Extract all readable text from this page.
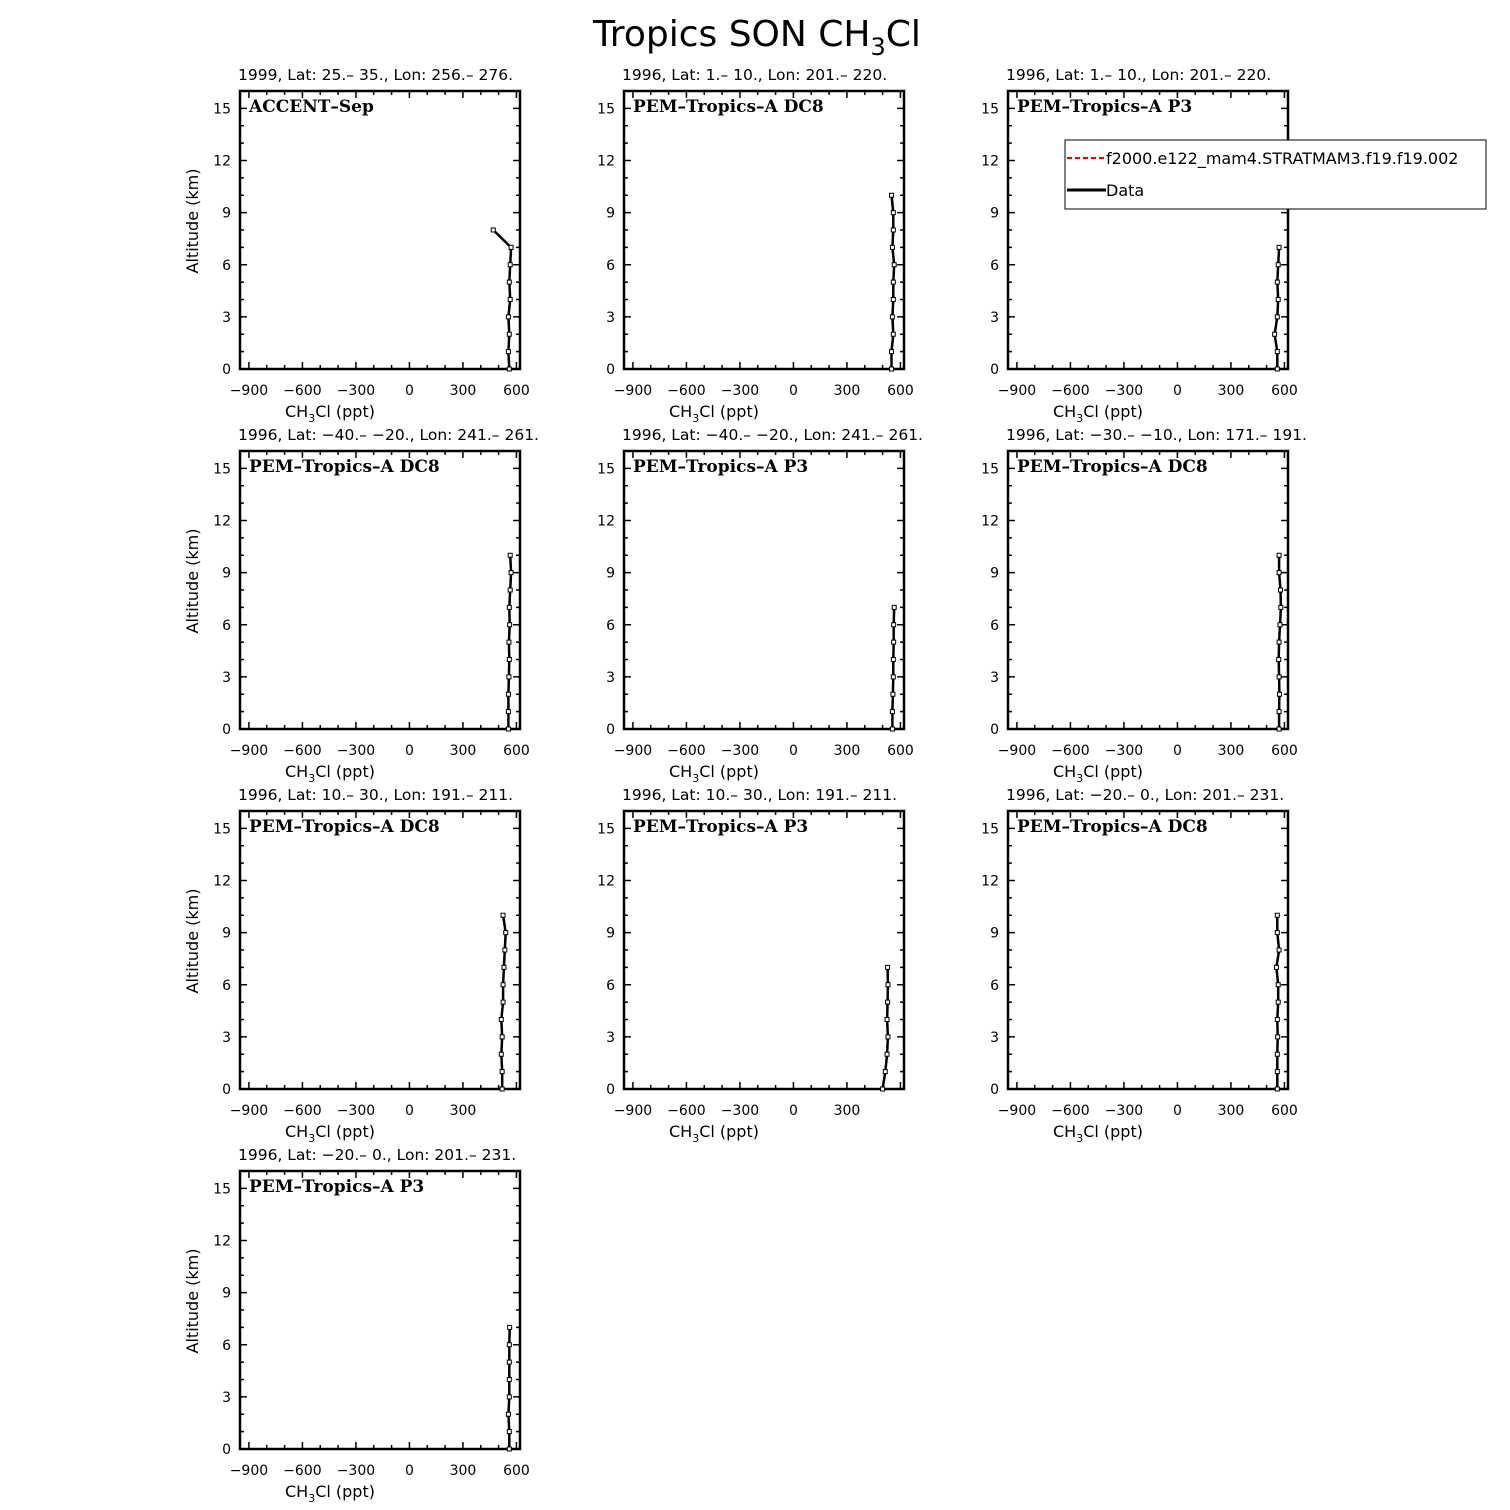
Tropics SON $CH_3Cl$
1999, Lat: 25.– 35., Lon: 256.– 276.
ACCENT–Sep
−900 −600 −300 0	300 600
0
3
6
9
12
15
$CH_3Cl$ (ppt)
Altitude (km)
1996, Lat: 1.– 10., Lon: 201.– 220.
PEM–Tropics–A DC8
−900 −600 −300 0	300 600
0
3
6
9
12
15
$CH_3Cl$ (ppt)
1996, Lat: 1.– 10., Lon: 201.– 220.
PEM–Tropics–A P3
−900 −600 −300 0	300 600
0
3
6
9
12
15
$CH_3Cl$ (ppt)
1996, Lat: −40.– −20., Lon: 241.– 261.
PEM–Tropics–A DC8
−900 −600 −300 0	300 600
0
3
6
9
12
15
$CH_3Cl$ (ppt)
Altitude (km)
1996, Lat: −40.– −20., Lon: 241.– 261.
PEM–Tropics–A P3
−900 −600 −300 0	300 600
0
3
6
9
12
15
$CH_3Cl$ (ppt)
1996, Lat: −30.– −10., Lon: 171.– 191.
PEM–Tropics–A DC8
−900 −600 −300 0	300 600
0
3
6
9
12
15
$CH_3Cl$ (ppt)
1996, Lat: 10.– 30., Lon: 191.– 211.
PEM–Tropics–A DC8
−900 −600 −300 0	300
0
3
6
9
12
15
$CH_3Cl$ (ppt)
Altitude (km)
1996, Lat: 10.– 30., Lon: 191.– 211.
PEM–Tropics–A P3
−900 −600 −300 0	300
0
3
6
9
12
15
$CH_3Cl$ (ppt)
1996, Lat: −20.– 0., Lon: 201.– 231.
PEM–Tropics–A DC8
−900 −600 −300 0	300 600
0
3
6
9
12
15
$CH_3Cl$ (ppt)
1996, Lat: −20.– 0., Lon: 201.– 231.
PEM–Tropics–A P3
−900 −600 −300 0	300 600
0
3
6
9
12
15
$CH_3Cl$ (ppt)
Altitude (km)
f2000.e122_mam4.STRATMAM3.f19.f19.002
Data
